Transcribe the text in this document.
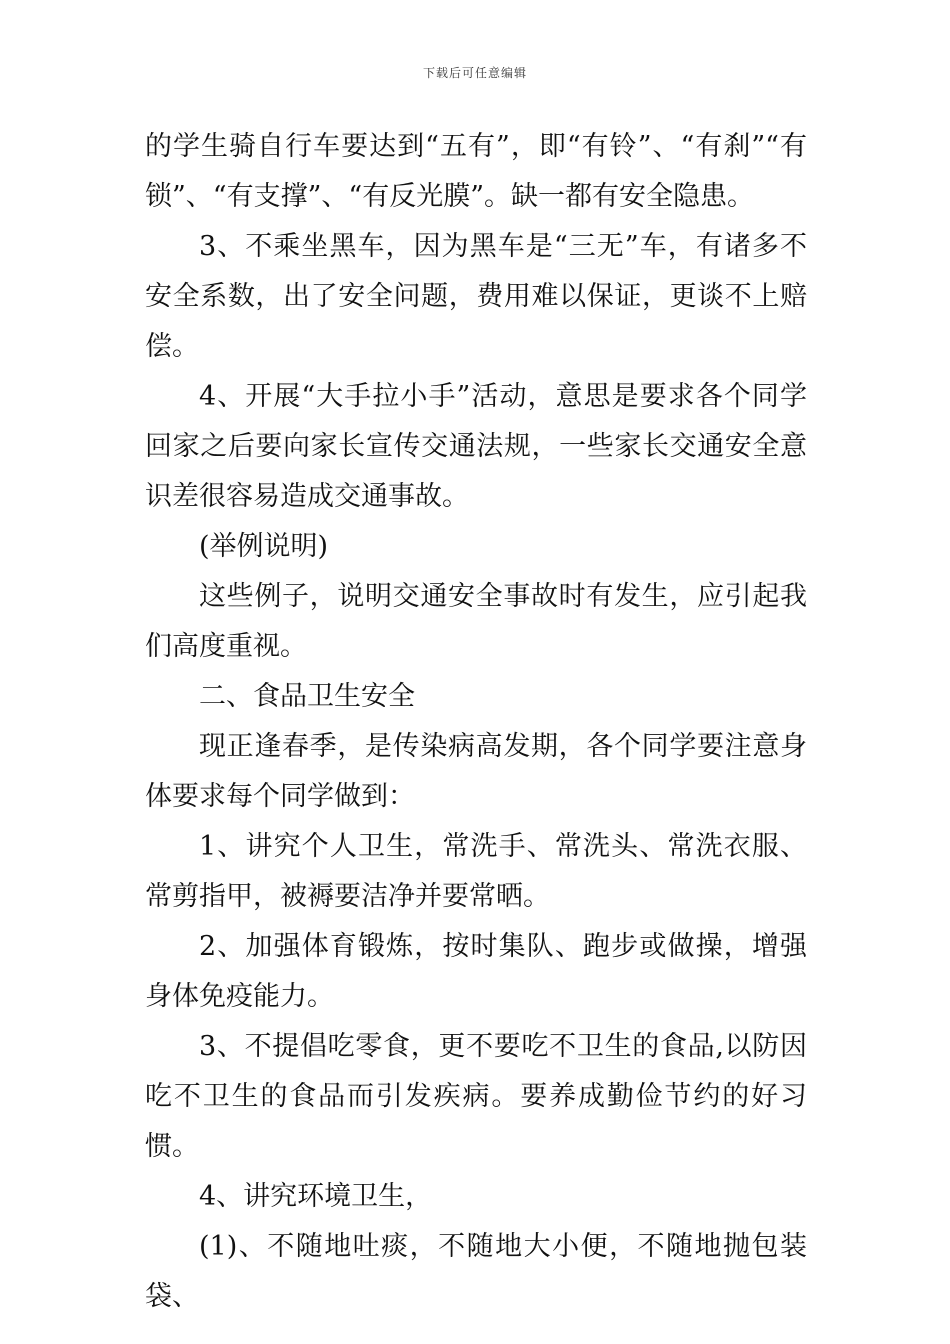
下载后可任意编辑

的学生骑自行车要达到“五有”，即“有铃”、“有刹”“有锁”、“有支撑”、“有反光膜”。缺一都有安全隐患。

3、不乘坐黑车，因为黑车是“三无”车，有诸多不安全系数，出了安全问题，费用难以保证，更谈不上赔偿。

4、开展“大手拉小手”活动，意思是要求各个同学回家之后要向家长宣传交通法规，一些家长交通安全意识差很容易造成交通事故。

(举例说明)

这些例子，说明交通安全事故时有发生，应引起我们高度重视。

二、食品卫生安全

现正逢春季，是传染病高发期，各个同学要注意身体要求每个同学做到：

1、讲究个人卫生，常洗手、常洗头、常洗衣服、常剪指甲，被褥要洁净并要常晒。

2、加强体育锻炼，按时集队、跑步或做操，增强身体免疫能力。

3、不提倡吃零食，更不要吃不卫生的食品,以防因吃不卫生的食品而引发疾病。要养成勤俭节约的好习惯。

4、讲究环境卫生，

(1)、不随地吐痰，不随地大小便，不随地抛包装袋、
